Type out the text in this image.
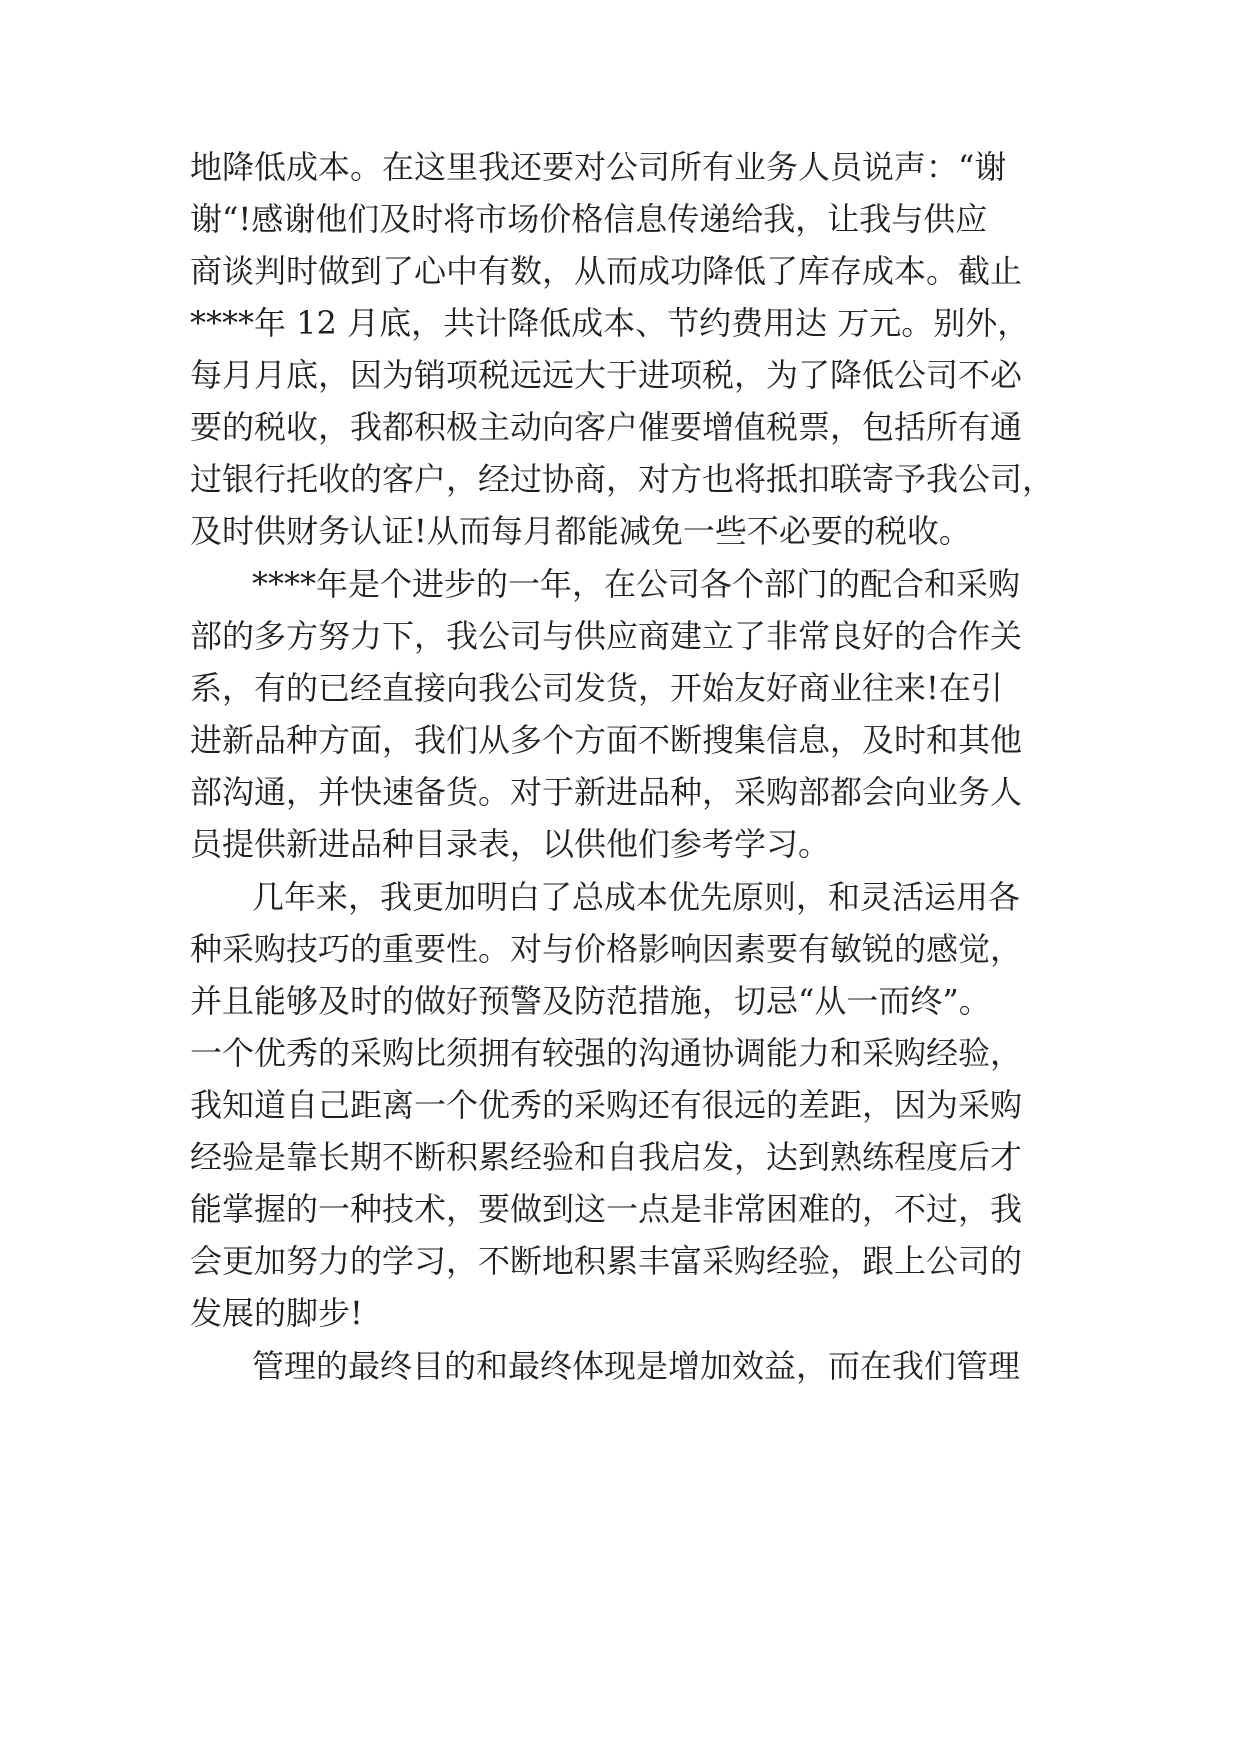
地降低成本。在这里我还要对公司所有业务人员说声：“谢

谢“!感谢他们及时将市场价格信息传递给我，让我与供应

商谈判时做到了心中有数，从而成功降低了库存成本。截止

****年 12 月底，共计降低成本、节约费用达 万元。别外，

每月月底，因为销项税远远大于进项税，为了降低公司不必

要的税收，我都积极主动向客户催要增值税票，包括所有通

过银行托收的客户，经过协商，对方也将抵扣联寄予我公司，

及时供财务认证!从而每月都能减免一些不必要的税收。

****年是个进步的一年，在公司各个部门的配合和采购

部的多方努力下，我公司与供应商建立了非常良好的合作关

系，有的已经直接向我公司发货，开始友好商业往来!在引

进新品种方面，我们从多个方面不断搜集信息，及时和其他

部沟通，并快速备货。对于新进品种，采购部都会向业务人

员提供新进品种目录表，以供他们参考学习。

几年来，我更加明白了总成本优先原则，和灵活运用各

种采购技巧的重要性。对与价格影响因素要有敏锐的感觉，

并且能够及时的做好预警及防范措施，切忌“从一而终”。

一个优秀的采购比须拥有较强的沟通协调能力和采购经验，

我知道自己距离一个优秀的采购还有很远的差距，因为采购

经验是靠长期不断积累经验和自我启发，达到熟练程度后才

能掌握的一种技术，要做到这一点是非常困难的，不过，我

会更加努力的学习，不断地积累丰富采购经验，跟上公司的

发展的脚步!

管理的最终目的和最终体现是增加效益，而在我们管理
